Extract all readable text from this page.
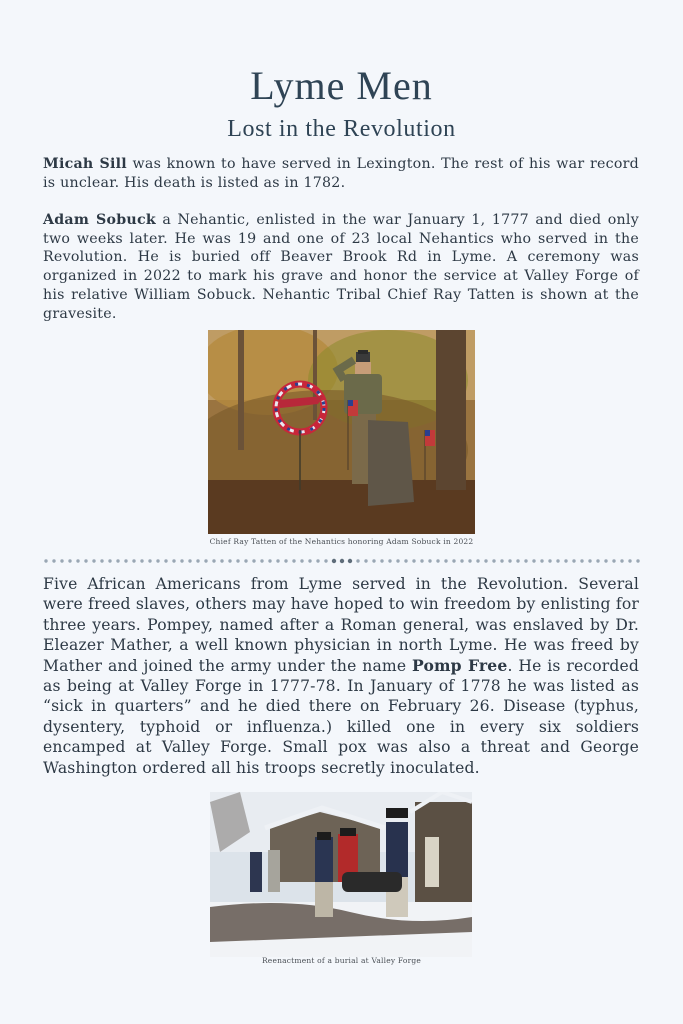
Lyme Men
Lost in the Revolution

Micah Sill was known to have served in Lexington. The rest of his war record is unclear. His death is listed as in 1782.

Adam Sobuck a Nehantic, enlisted in the war January 1, 1777 and died only two weeks later. He was 19 and one of 23 local Nehantics who served in the Revolution. He is buried off Beaver Brook Rd in Lyme. A ceremony was organized in 2022 to mark his grave and honor the service at Valley Forge of his relative William Sobuck. Nehantic Tribal Chief Ray Tatten is shown at the gravesite.

Chief Ray Tatten of the Nehantics honoring Adam Sobuck in 2022

Five African Americans from Lyme served in the Revolution. Several were freed slaves, others may have hoped to win freedom by enlisting for three years. Pompey, named after a Roman general, was enslaved by Dr. Eleazer Mather, a well known physician in north Lyme. He was freed by Mather and joined the army under the name Pomp Free. He is recorded as being at Valley Forge in 1777-78. In January of 1778 he was listed as “sick in quarters” and he died there on February 26. Disease (typhus, dysentery, typhoid or influenza.) killed one in every six soldiers encamped at Valley Forge. Small pox was also a threat and George Washington ordered all his troops secretly inoculated.

Reenactment of a burial at Valley Forge
